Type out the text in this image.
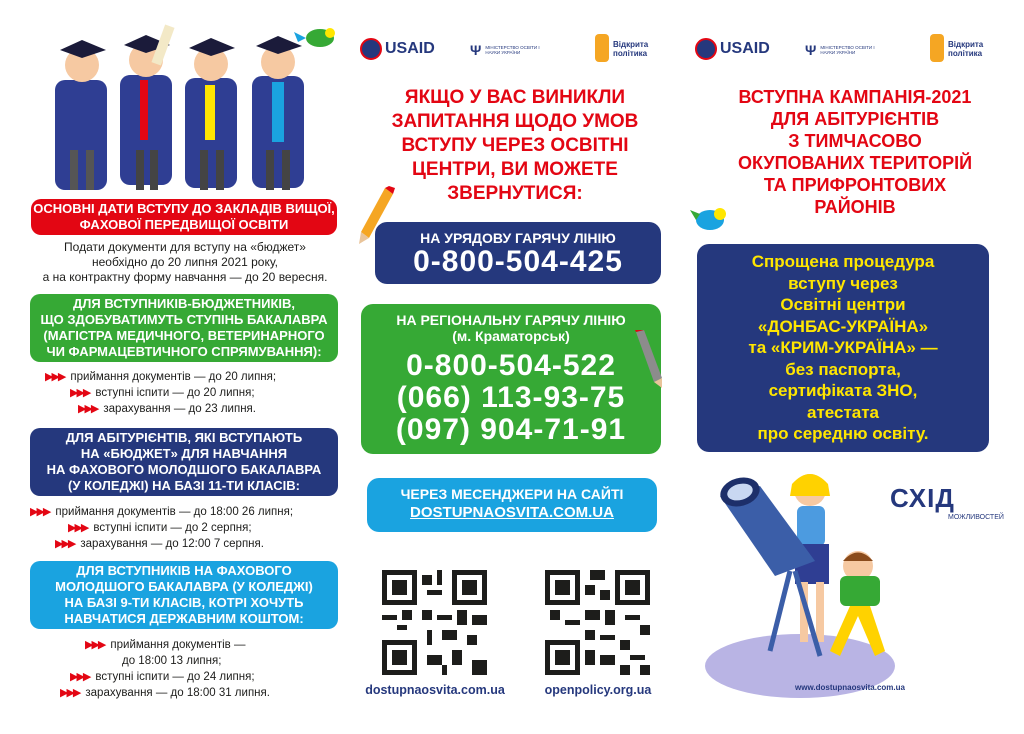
ОСНОВНІ ДАТИ ВСТУПУ ДО ЗАКЛАДІВ ВИЩОЇ, ФАХОВОЇ ПЕРЕДВИЩОЇ ОСВІТИ
Подати документи для вступу на «бюджет»
необхідно до 20 липня 2021 року,
а на контрактну форму навчання — до 20 вересня.
ДЛЯ ВСТУПНИКІВ-БЮДЖЕТНИКІВ,
ЩО ЗДОБУВАТИМУТЬ СТУПІНЬ БАКАЛАВРА
(МАГІСТРА МЕДИЧНОГО, ВЕТЕРИНАРНОГО
ЧИ ФАРМАЦЕВТИЧНОГО СПРЯМУВАННЯ):
▶▶▶ приймання документів — до 20 липня;
▶▶▶ вступні іспити — до 20 липня;
▶▶▶ зарахування — до 23 липня.
ДЛЯ АБІТУРІЄНТІВ, ЯКІ ВСТУПАЮТЬ
НА «БЮДЖЕТ» ДЛЯ НАВЧАННЯ
НА ФАХОВОГО МОЛОДШОГО БАКАЛАВРА
(У КОЛЕДЖІ) НА БАЗІ 11-ТИ КЛАСІВ:
▶▶▶ приймання документів — до 18:00 26 липня;
▶▶▶ вступні іспити — до 2 серпня;
▶▶▶ зарахування — до 12:00 7 серпня.
ДЛЯ ВСТУПНИКІВ НА ФАХОВОГО
МОЛОДШОГО БАКАЛАВРА (У КОЛЕДЖІ)
НА БАЗІ 9-ТИ КЛАСІВ, КОТРІ ХОЧУТЬ
НАВЧАТИСЯ ДЕРЖАВНИМ КОШТОМ:
▶▶▶ приймання документів —
до 18:00 13 липня;
▶▶▶ вступні іспити — до 24 липня;
▶▶▶ зарахування — до 18:00 31 липня.
USAID	Ψ МІНІСТЕРСТВО ОСВІТИ І НАУКИ УКРАЇНИ
Відкрита політика
ЯКЩО У ВАС ВИНИКЛИ
ЗАПИТАННЯ ЩОДО УМОВ
ВСТУПУ ЧЕРЕЗ ОСВІТНІ
ЦЕНТРИ, ВИ МОЖЕТЕ
ЗВЕРНУТИСЯ:
НА УРЯДОВУ ГАРЯЧУ ЛІНІЮ
0-800-504-425
НА РЕГІОНАЛЬНУ ГАРЯЧУ ЛІНІЮ
(м. Краматорськ)
0-800-504-522
(066) 113-93-75
(097) 904-71-91
ЧЕРЕЗ МЕСЕНДЖЕРИ НА САЙТІ
DOSTUPNAOSVITA.COM.UA
dostupnaosvita.com.ua	openpolicy.org.ua
USAID	Ψ МІНІСТЕРСТВО ОСВІТИ І НАУКИ УКРАЇНИ
Відкрита політика
ВСТУПНА КАМПАНІЯ-2021
ДЛЯ АБІТУРІЄНТІВ
З ТИМЧАСОВО
ОКУПОВАНИХ ТЕРИТОРІЙ
ТА ПРИФРОНТОВИХ
РАЙОНІВ
Спрощена процедура
вступу через
Освітні центри
«ДОНБАС-УКРАЇНА»
та «КРИМ-УКРАЇНА» —
без паспорта,
сертифіката ЗНО,
атестата
про середню освіту.
СХІД
МОЖЛИВОСТЕЙ
www.dostupnaosvita.com.ua
